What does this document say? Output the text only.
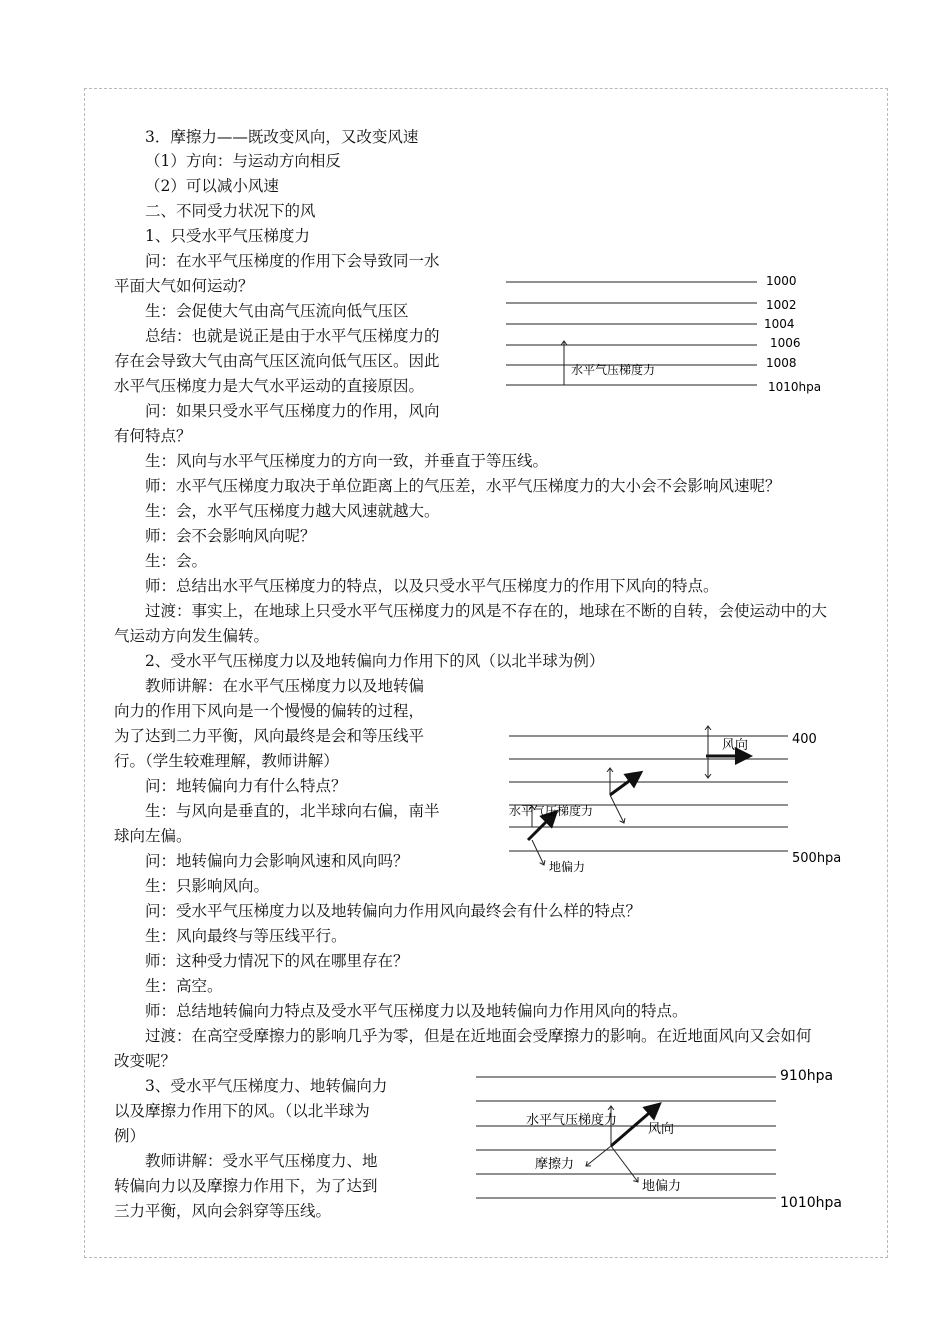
3．摩擦力——既改变风向，又改变风速
（1）方向：与运动方向相反
（2）可以减小风速
二、不同受力状况下的风
1、只受水平气压梯度力
问：在水平气压梯度的作用下会导致同一水
平面大气如何运动？
生：会促使大气由高气压流向低气压区
总结：也就是说正是由于水平气压梯度力的
存在会导致大气由高气压区流向低气压区。因此
水平气压梯度力是大气水平运动的直接原因。
问：如果只受水平气压梯度力的作用，风向
有何特点？
生：风向与水平气压梯度力的方向一致，并垂直于等压线。
师：水平气压梯度力取决于单位距离上的气压差，水平气压梯度力的大小会不会影响风速呢？
生：会，水平气压梯度力越大风速就越大。
师：会不会影响风向呢？
生：会。
师：总结出水平气压梯度力的特点，以及只受水平气压梯度力的作用下风向的特点。
过渡：事实上，在地球上只受水平气压梯度力的风是不存在的，地球在不断的自转，会使运动中的大
气运动方向发生偏转。
2、受水平气压梯度力以及地转偏向力作用下的风（以北半球为例）
教师讲解：在水平气压梯度力以及地转偏
向力的作用下风向是一个慢慢的偏转的过程，
为了达到二力平衡，风向最终是会和等压线平
行。（学生较难理解，教师讲解）
问：地转偏向力有什么特点？
生：与风向是垂直的，北半球向右偏，南半
球向左偏。
问：地转偏向力会影响风速和风向吗？
生：只影响风向。
问：受水平气压梯度力以及地转偏向力作用风向最终会有什么样的特点？
生：风向最终与等压线平行。
师：这种受力情况下的风在哪里存在？
生：高空。
师：总结地转偏向力特点及受水平气压梯度力以及地转偏向力作用风向的特点。
过渡：在高空受摩擦力的影响几乎为零，但是在近地面会受摩擦力的影响。在近地面风向又会如何
改变呢？
3、受水平气压梯度力、地转偏向力
以及摩擦力作用下的风。（以北半球为
例）
教师讲解：受水平气压梯度力、地
转偏向力以及摩擦力作用下，为了达到
三力平衡，风向会斜穿等压线。
1000
1002
1004
1006
1008
1010hpa
水平气压梯度力
风向	400
水平气压梯度力
地偏力
500hpa
910hpa
水平气压梯度力
风向
摩擦力
地偏力
1010hpa
